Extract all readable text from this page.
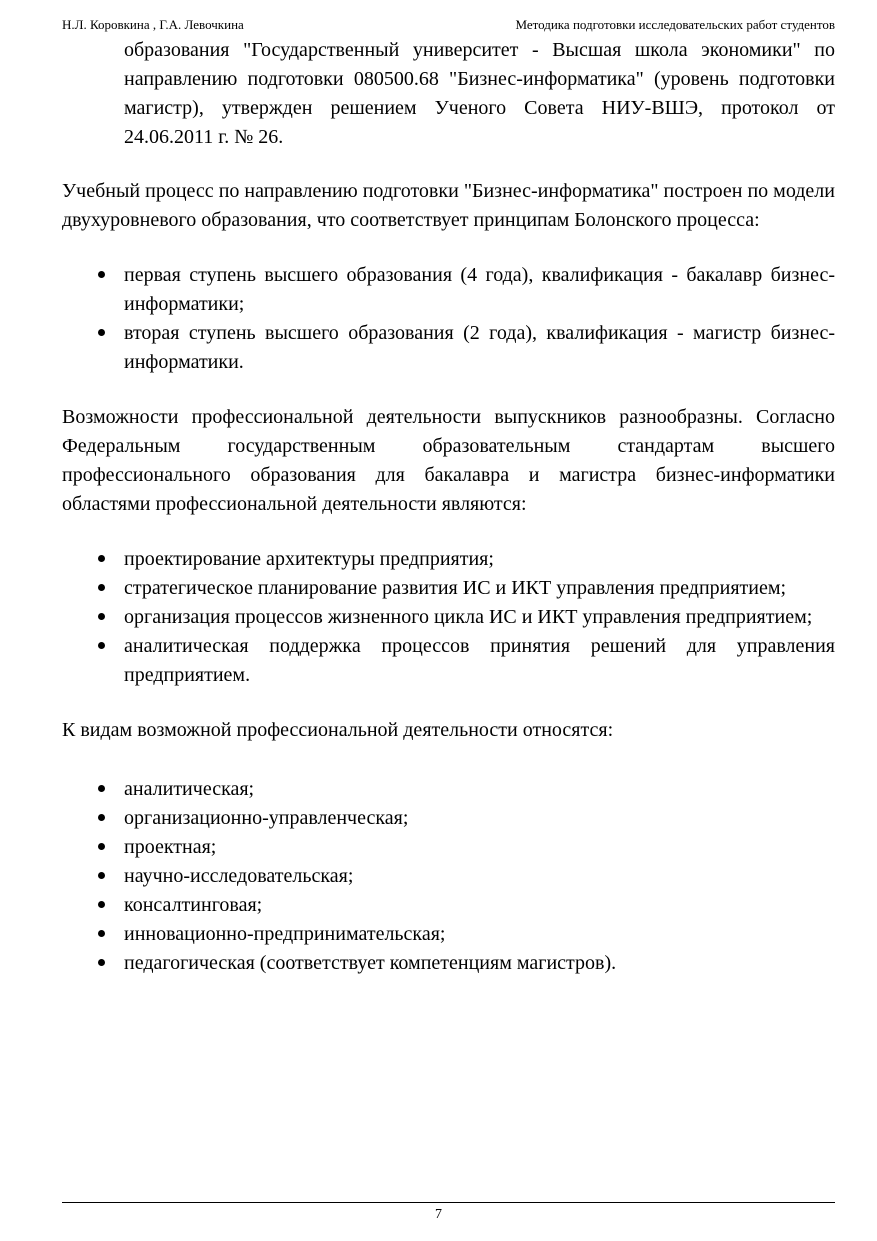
Н.Л. Коровкина , Г.А. Левочкина	Методика подготовки исследовательских работ студентов

образования "Государственный университет - Высшая школа экономики" по направлению подготовки 080500.68 "Бизнес-информатика" (уровень подготовки магистр), утвержден решением Ученого Совета НИУ-ВШЭ, протокол от 24.06.2011 г. № 26.

Учебный процесс по направлению подготовки "Бизнес-информатика" построен по модели двухуровневого образования, что соответствует принципам Болонского процесса:

первая ступень высшего образования (4 года), квалификация - бакалавр бизнес-информатики;
вторая ступень высшего образования (2 года), квалификация - магистр бизнес-информатики.

Возможности профессиональной деятельности выпускников разнообразны. Согласно Федеральным государственным образовательным стандартам высшего профессионального образования для бакалавра и магистра бизнес-информатики областями профессиональной деятельности являются:

проектирование архитектуры предприятия;
стратегическое планирование развития ИС и ИКТ управления предприятием;
организация процессов жизненного цикла ИС и ИКТ управления предприятием;
аналитическая поддержка процессов принятия решений для управления предприятием.

К видам возможной профессиональной деятельности относятся:

аналитическая;
организационно-управленческая;
проектная;
научно-исследовательская;
консалтинговая;
инновационно-предпринимательская;
педагогическая (соответствует компетенциям магистров).
7
